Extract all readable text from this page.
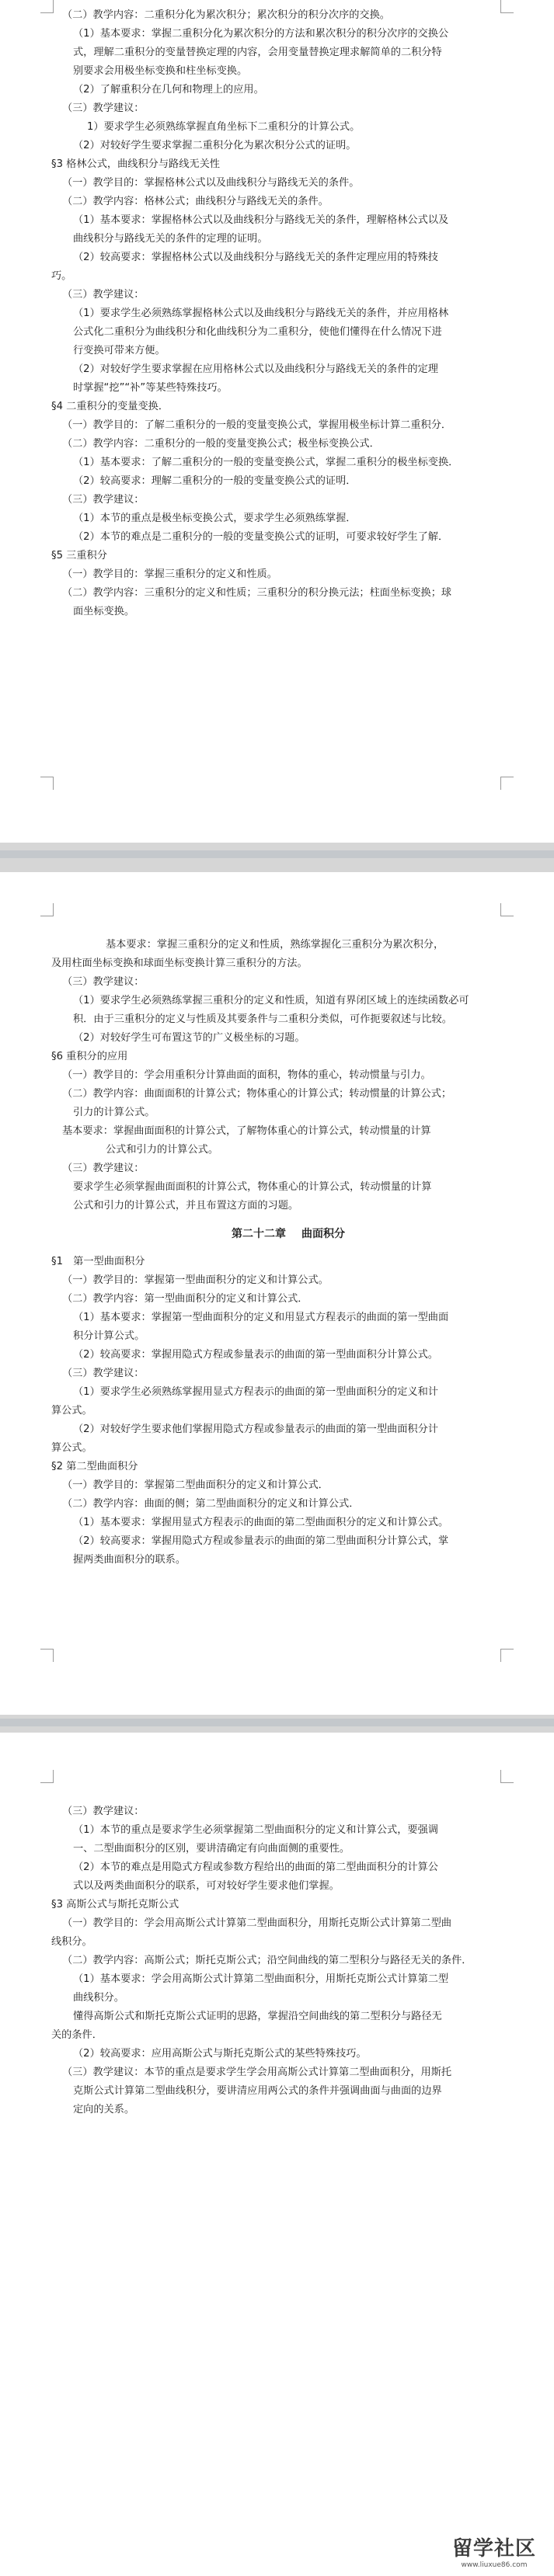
（二）教学内容：二重积分化为累次积分；累次积分的积分次序的交换。

（1）基本要求：掌握二重积分化为累次积分的方法和累次积分的积分次序的交换公

式，理解二重积分的变量替换定理的内容，会用变量替换定理求解简单的二积分特

别要求会用极坐标变换和柱坐标变换。

（2）了解重积分在几何和物理上的应用。

（三）教学建议：

1）要求学生必须熟练掌握直角坐标下二重积分的计算公式。

（2）对较好学生要求掌握二重积分化为累次积分公式的证明。

§3 格林公式，曲线积分与路线无关性

（一）教学目的：掌握格林公式以及曲线积分与路线无关的条件。

（二）教学内容：格林公式；曲线积分与路线无关的条件。

（1）基本要求：掌握格林公式以及曲线积分与路线无关的条件，理解格林公式以及

曲线积分与路线无关的条件的定理的证明。

（2）较高要求：掌握格林公式以及曲线积分与路线无关的条件定理应用的特殊技

巧。

（三）教学建议：

（1）要求学生必须熟练掌握格林公式以及曲线积分与路线无关的条件，并应用格林

公式化二重积分为曲线积分和化曲线积分为二重积分，使他们懂得在什么情况下进

行变换可带来方便。

（2）对较好学生要求掌握在应用格林公式以及曲线积分与路线无关的条件的定理

时掌握“挖”“补”等某些特殊技巧。

§4 二重积分的变量变换．

（一）教学目的：了解二重积分的一般的变量变换公式，掌握用极坐标计算二重积分．

（二）教学内容：二重积分的一般的变量变换公式；极坐标变换公式．

（1）基本要求：了解二重积分的一般的变量变换公式，掌握二重积分的极坐标变换．

（2）较高要求：理解二重积分的一般的变量变换公式的证明．

（三）教学建议：

（1）本节的重点是极坐标变换公式，要求学生必须熟练掌握．

（2）本节的难点是二重积分的一般的变量变换公式的证明，可要求较好学生了解．

§5 三重积分

（一）教学目的：掌握三重积分的定义和性质。

（二）教学内容：三重积分的定义和性质；三重积分的积分换元法；柱面坐标变换；球

面坐标变换。

基本要求：掌握三重积分的定义和性质，熟练掌握化三重积分为累次积分，

及用柱面坐标变换和球面坐标变换计算三重积分的方法。

（三）教学建议：

（1）要求学生必须熟练掌握三重积分的定义和性质，知道有界闭区域上的连续函数必可

积．由于三重积分的定义与性质及其要条件与二重积分类似，可作扼要叙述与比较。

（2）对较好学生可布置这节的广义极坐标的习题。

§6 重积分的应用

（一）教学目的：学会用重积分计算曲面的面积，物体的重心，转动惯量与引力。

（二）教学内容：曲面面积的计算公式；物体重心的计算公式；转动惯量的计算公式；

引力的计算公式。

基本要求：掌握曲面面积的计算公式，了解物体重心的计算公式，转动惯量的计算

公式和引力的计算公式。

（三）教学建议：

要求学生必须掌握曲面面积的计算公式，物体重心的计算公式，转动惯量的计算

公式和引力的计算公式，并且布置这方面的习题。

第二十二章 曲面积分

§1　第一型曲面积分

（一）教学目的：掌握第一型曲面积分的定义和计算公式。

（二）教学内容：第一型曲面积分的定义和计算公式．

（1）基本要求：掌握第一型曲面积分的定义和用显式方程表示的曲面的第一型曲面

积分计算公式。

（2）较高要求：掌握用隐式方程或参量表示的曲面的第一型曲面积分计算公式。

（三）教学建议：

（1）要求学生必须熟练掌握用显式方程表示的曲面的第一型曲面积分的定义和计

算公式。

（2）对较好学生要求他们掌握用隐式方程或参量表示的曲面的第一型曲面积分计

算公式。

§2 第二型曲面积分

（一）教学目的：掌握第二型曲面积分的定义和计算公式．

（二）教学内容：曲面的侧；第二型曲面积分的定义和计算公式．

（1）基本要求：掌握用显式方程表示的曲面的第二型曲面积分的定义和计算公式。

（2）较高要求：掌握用隐式方程或参量表示的曲面的第二型曲面积分计算公式，掌

握两类曲面积分的联系。

（三）教学建议：

（1）本节的重点是要求学生必须掌握第二型曲面积分的定义和计算公式，要强调

一、二型曲面积分的区别，要讲清确定有向曲面侧的重要性。

（2）本节的难点是用隐式方程或参数方程给出的曲面的第二型曲面积分的计算公

式以及两类曲面积分的联系，可对较好学生要求他们掌握。

§3 高斯公式与斯托克斯公式

（一）教学目的：学会用高斯公式计算第二型曲面积分，用斯托克斯公式计算第二型曲

线积分。

（二）教学内容：高斯公式；斯托克斯公式；沿空间曲线的第二型积分与路径无关的条件．

（1）基本要求：学会用高斯公式计算第二型曲面积分，用斯托克斯公式计算第二型

曲线积分。

懂得高斯公式和斯托克斯公式证明的思路，掌握沿空间曲线的第二型积分与路径无

关的条件．

（2）较高要求：应用高斯公式与斯托克斯公式的某些特殊技巧。

（三）教学建议：本节的重点是要求学生学会用高斯公式计算第二型曲面积分，用斯托

克斯公式计算第二型曲线积分，要讲清应用两公式的条件并强调曲面与曲面的边界

定向的关系。

留学社区
www.liuxue86.com
